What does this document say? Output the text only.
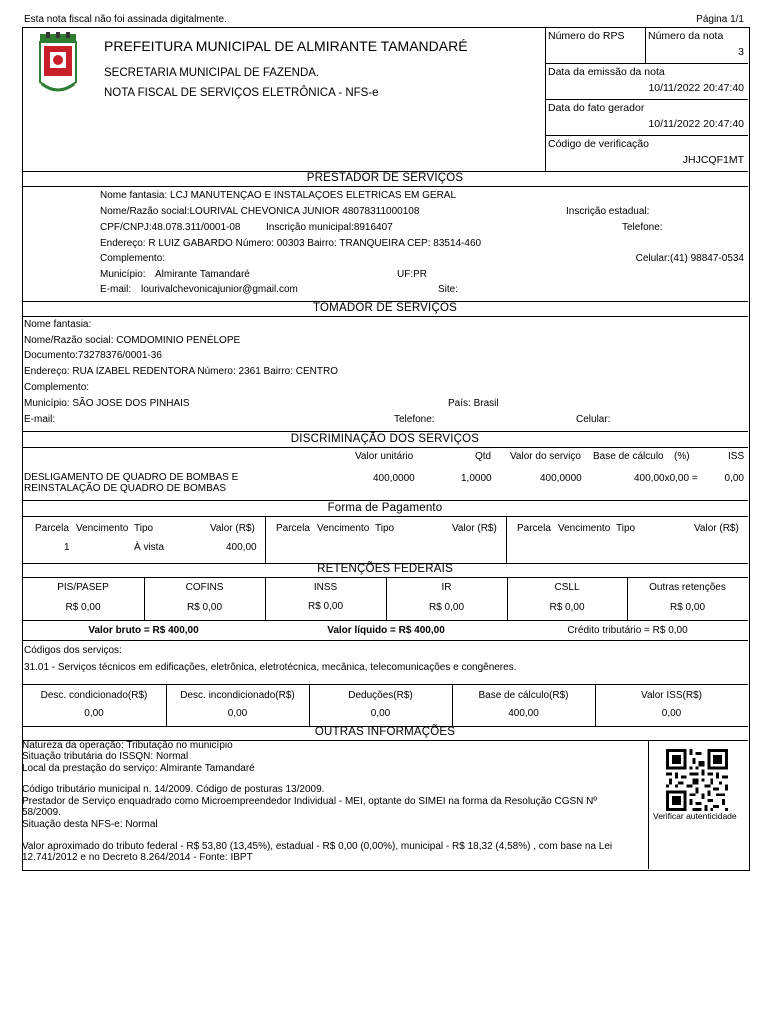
Esta nota fiscal não foi assinada digitalmente.	Página 1/1
PREFEITURA MUNICIPAL DE ALMIRANTE TAMANDARÉ
SECRETARIA MUNICIPAL DE FAZENDA.
NOTA FISCAL DE SERVIÇOS ELETRÔNICA - NFS-e
Número do RPS Número da nota
3
Data da emissão da nota
10/11/2022 20:47:40
Data do fato gerador
10/11/2022 20:47:40
Código de verificação
JHJCQF1MT
PRESTADOR DE SERVIÇOS
Nome fantasia: LCJ MANUTENÇAO E INSTALAÇOES ELETRICAS EM GERAL
Nome/Razão social:LOURIVAL CHEVONICA JUNIOR 48078311000108	Inscrição estadual:
CPF/CNPJ:48.078.311/0001-08	Inscrição municipal:8916407	Telefone:
Endereço: R LUIZ GABARDO Número: 00303 Bairro: TRANQUEIRA CEP: 83514-460
Complemento:	Celular:(41) 98847-0534
Município: Almirante Tamandaré	UF:PR
E-mail: lourivalchevonicajunior@gmail.com	Site:
TOMADOR DE SERVIÇOS
Nome fantasia:
Nome/Razão social: COMDOMINIO PENÉLOPE
Documento:73278376/0001-36
Endereço: RUA IZABEL REDENTORA Número: 2361 Bairro: CENTRO
Complemento:
Município: SÃO JOSE DOS PINHAIS	País: Brasil
E-mail:	Telefone:	Celular:
DISCRIMINAÇÃO DOS SERVIÇOS
Valor unitário	Qtd Valor do serviço Base de cálculo (%)	ISS
DESLIGAMENTO DE QUADRO DE BOMBAS E REINSTALAÇÃO DE QUADRO DE BOMBAS
400,0000	1,0000	400,0000	400,00x0,00 =	0,00
Forma de Pagamento
Parcela Vencimento Tipo	Valor (R$) Parcela Vencimento Tipo	Valor (R$) Parcela Vencimento Tipo	Valor (R$)
1	À vista	400,00
RETENÇÕES FEDERAIS
PIS/PASEP	COFINS	INSS	IR	CSLL	Outras retenções
R$ 0,00	R$ 0,00	R$ 0,00	R$ 0,00	R$ 0,00	R$ 0,00
Valor bruto = R$ 400,00	Valor líquido = R$ 400,00	Crédito tributário = R$ 0,00
Códigos dos serviços:
31.01 - Serviços técnicos em edificações, eletrônica, eletrotécnica, mecânica, telecomunicações e congêneres.
Desc. condicionado(R$)	Desc. incondicionado(R$)	Deduções(R$)	Base de cálculo(R$)	Valor ISS(R$)
0,00	0,00	0,00	400,00	0,00
OUTRAS INFORMAÇÕES
Natureza da operação: Tributação no município
Situação tributária do ISSQN: Normal
Local da prestação do serviço: Almirante Tamandaré
Código tributário municipal n. 14/2009. Código de posturas 13/2009.
Prestador de Serviço enquadrado como Microempreendedor Individual - MEI, optante do SIMEI na forma da Resolução CGSN Nº 58/2009.
Situação desta NFS-e: Normal
Valor aproximado do tributo federal - R$ 53,80 (13,45%), estadual - R$ 0,00 (0,00%), municipal - R$ 18,32 (4,58%) , com base na Lei 12.741/2012 e no Decreto 8.264/2014 - Fonte: IBPT
Verificar autenticidade
